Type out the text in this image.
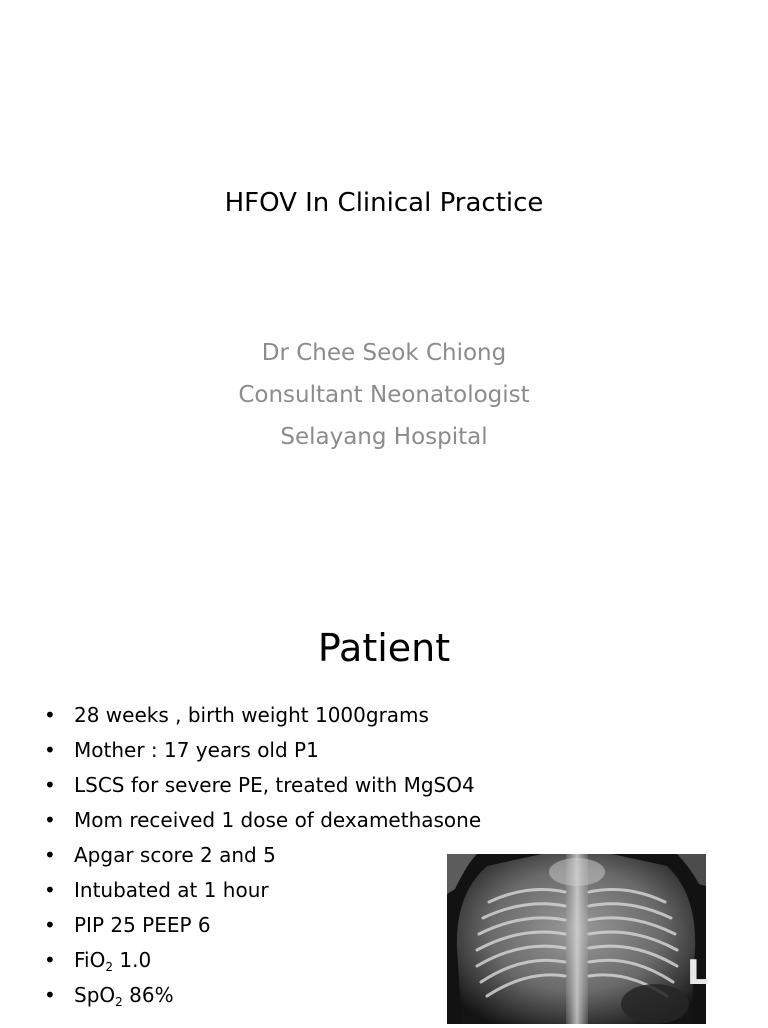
HFOV In Clinical Practice
Dr Chee Seok Chiong
Consultant Neonatologist
Selayang Hospital
Patient
• 28 weeks , birth weight 1000grams
• Mother : 17 years old P1
• LSCS for severe PE, treated with MgSO4
• Mom received 1 dose of dexamethasone
• Apgar score 2 and 5
• Intubated at 1 hour
• PIP 25 PEEP 6
• FiO$_2$ 1.0
• SpO$_2$ 86%
L
